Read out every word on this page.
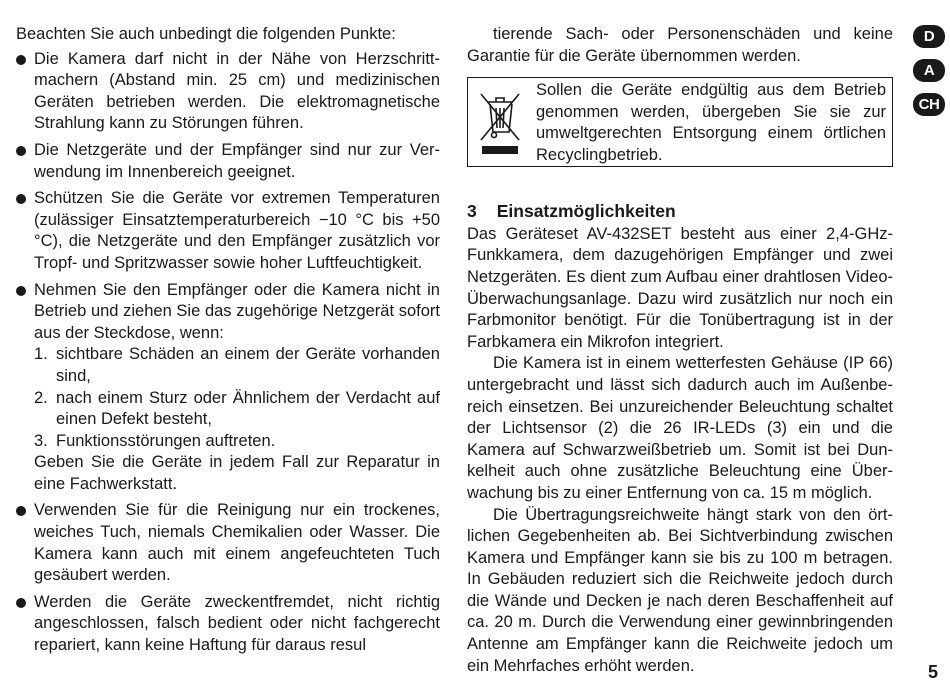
Beachten Sie auch unbedingt die folgenden Punkte:

Die Kamera darf nicht in der Nähe von Herzschrittmachern (Abstand min. 25 cm) und medizinischen Geräten betrieben werden. Die elektromagnetische Strahlung kann zu Störungen führen.
Die Netzgeräte und der Empfänger sind nur zur Verwendung im Innenbereich geeignet.
Schützen Sie die Geräte vor extremen Temperaturen (zulässiger Einsatztemperaturbereich −10 °C bis +50 °C), die Netzgeräte und den Empfänger zusätzlich vor Tropf- und Spritzwasser sowie hoher Luftfeuchtigkeit.
Nehmen Sie den Empfänger oder die Kamera nicht in Betrieb und ziehen Sie das zugehörige Netzgerät sofort aus der Steckdose, wenn:
1. sichtbare Schäden an einem der Geräte vorhanden sind,
2. nach einem Sturz oder Ähnlichem der Verdacht auf einen Defekt besteht,
3. Funktionsstörungen auftreten.

Geben Sie die Geräte in jedem Fall zur Reparatur in eine Fachwerkstatt.

Verwenden Sie für die Reinigung nur ein trockenes, weiches Tuch, niemals Chemikalien oder Wasser. Die Kamera kann auch mit einem angefeuchteten Tuch gesäubert werden.
Werden die Geräte zweckentfremdet, nicht richtig angeschlossen, falsch bedient oder nicht fachgerecht repariert, kann keine Haftung für daraus resul

tierende Sach- oder Personenschäden und keine Garantie für die Geräte übernommen werden.

Sollen die Geräte endgültig aus dem Betrieb genommen werden, übergeben Sie sie zur umweltgerechten Entsorgung einem örtlichen Recyclingbetrieb.

3 Einsatzmöglichkeiten

Das Geräteset AV-432SET besteht aus einer 2,4-GHz-Funkkamera, dem dazugehörigen Empfänger und zwei Netzgeräten. Es dient zum Aufbau einer drahtlosen Video-Überwachungsanlage. Dazu wird zusätzlich nur noch ein Farbmonitor benötigt. Für die Tonübertragung ist in der Farbkamera ein Mikrofon integriert.

Die Kamera ist in einem wetterfesten Gehäuse (IP 66) untergebracht und lässt sich dadurch auch im Außenbereich einsetzen. Bei unzureichender Beleuchtung schaltet der Lichtsensor (2) die 26 IR-LEDs (3) ein und die Kamera auf Schwarzweißbetrieb um. Somit ist bei Dunkelheit auch ohne zusätzliche Beleuchtung eine Überwachung bis zu einer Entfernung von ca. 15 m möglich.

Die Übertragungsreichweite hängt stark von den örtlichen Gegebenheiten ab. Bei Sichtverbindung zwischen Kamera und Empfänger kann sie bis zu 100 m betragen. In Gebäuden reduziert sich die Reichweite jedoch durch die Wände und Decken je nach deren Beschaffenheit auf ca. 20 m. Durch die Verwendung einer gewinnbringenden Antenne am Empfänger kann die Reichweite jedoch um ein Mehrfaches erhöht werden.

D
A
CH
5
